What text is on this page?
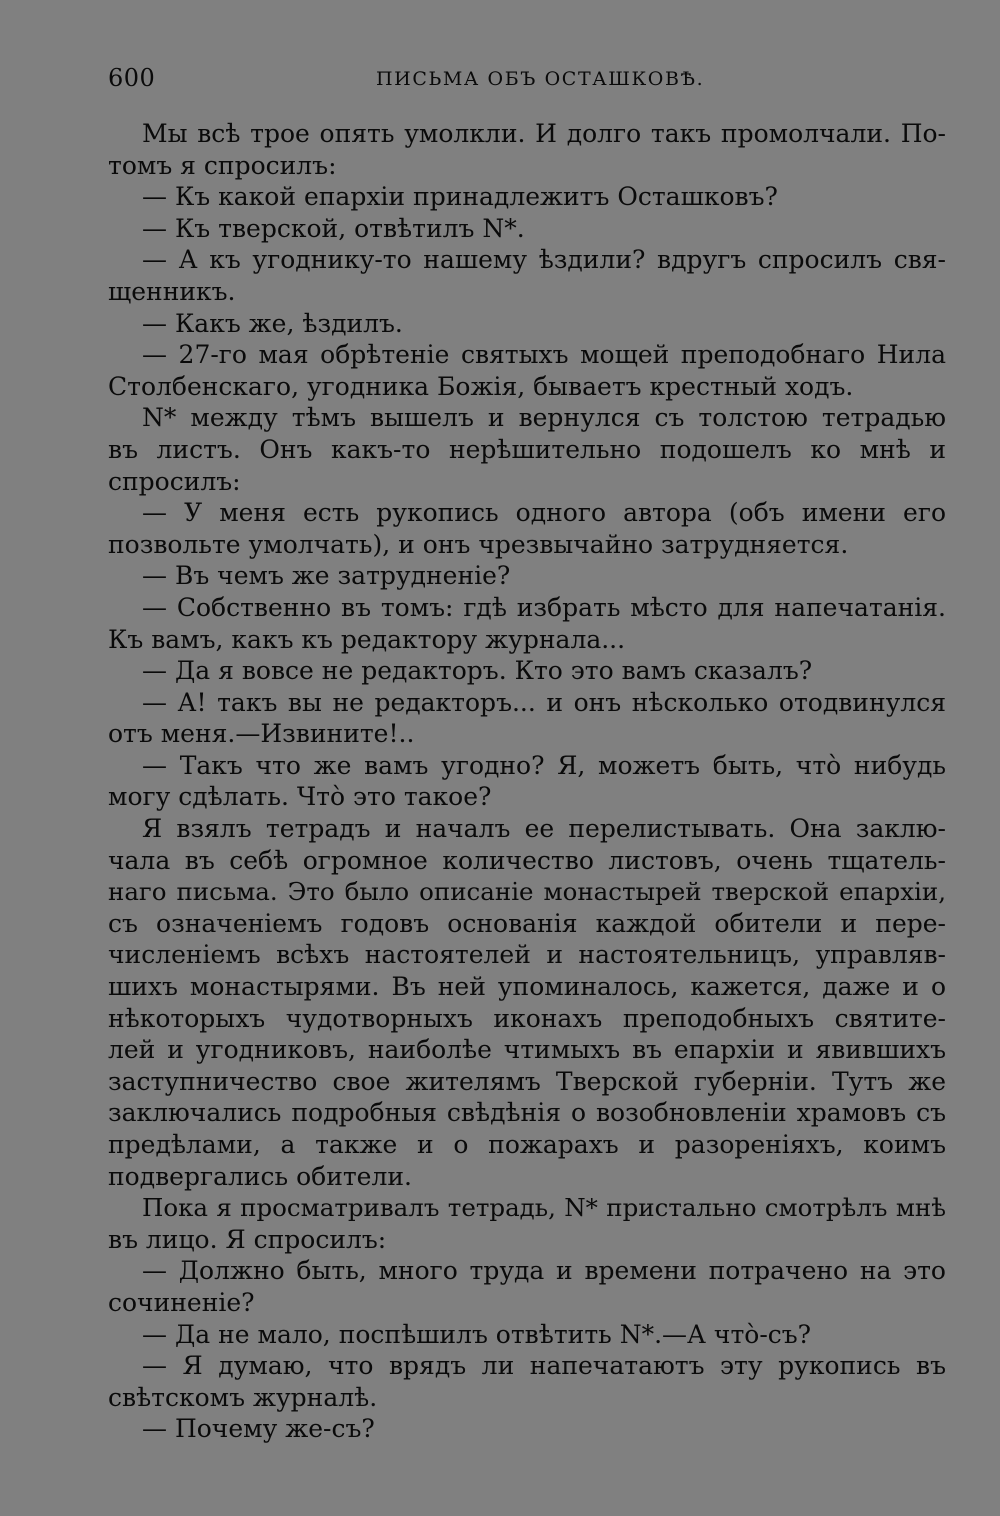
600	ПИСЬМА ОБЪ ОСТАШКОВѢ.
Мы всѣ трое опять умолкли. И долго такъ промолчали. По-
томъ я спросилъ:
— Къ какой епархіи принадлежитъ Осташковъ?
— Къ тверской, отвѣтилъ N*.
— А къ угоднику-то нашему ѣздили? вдругъ спросилъ свя-
щенникъ.
— Какъ же, ѣздилъ.
— 27-го мая обрѣтеніе святыхъ мощей преподобнаго Нила
Столбенскаго, угодника Божія, бываетъ крестный ходъ.
N* между тѣмъ вышелъ и вернулся съ толстою тетрадью
въ листъ. Онъ какъ-то нерѣшительно подошелъ ко мнѣ и
спросилъ:
— У меня есть рукопись одного автора (объ имени его
позвольте умолчать), и онъ чрезвычайно затрудняется.
— Въ чемъ же затрудненіе?
— Собственно въ томъ: гдѣ избрать мѣсто для напечатанія.
Къ вамъ, какъ къ редактору журнала...
— Да я вовсе не редакторъ. Кто это вамъ сказалъ?
— А! такъ вы не редакторъ... и онъ нѣсколько отодвинулся
отъ меня.—Извините!..
— Такъ что же вамъ угодно? Я, можетъ быть, что̀ нибудь
могу сдѣлать. Что̀ это такое?
Я взялъ тетрадъ и началъ ее перелистывать. Она заклю-
чала въ себѣ огромное количество листовъ, очень тщатель-
наго письма. Это было описаніе монастырей тверской епархіи,
съ означеніемъ годовъ основанія каждой обители и пере-
численіемъ всѣхъ настоятелей и настоятельницъ, управляв-
шихъ монастырями. Въ ней упоминалось, кажется, даже и о
нѣкоторыхъ чудотворныхъ иконахъ преподобныхъ святите-
лей и угодниковъ, наиболѣе чтимыхъ въ епархіи и явившихъ
заступничество свое жителямъ Тверской губерніи. Тутъ же
заключались подробныя свѣдѣнія о возобновленіи храмовъ съ
предѣлами, а также и о пожарахъ и разореніяхъ, коимъ
подвергались обители.
Пока я просматривалъ тетрадь, N* пристально смотрѣлъ мнѣ
въ лицо. Я спросилъ:
— Должно быть, много труда и времени потрачено на это
сочиненіе?
— Да не мало, поспѣшилъ отвѣтить N*.—А что̀-съ?
— Я думаю, что врядъ ли напечатаютъ эту рукопись въ
свѣтскомъ журналѣ.
— Почему же-съ?
